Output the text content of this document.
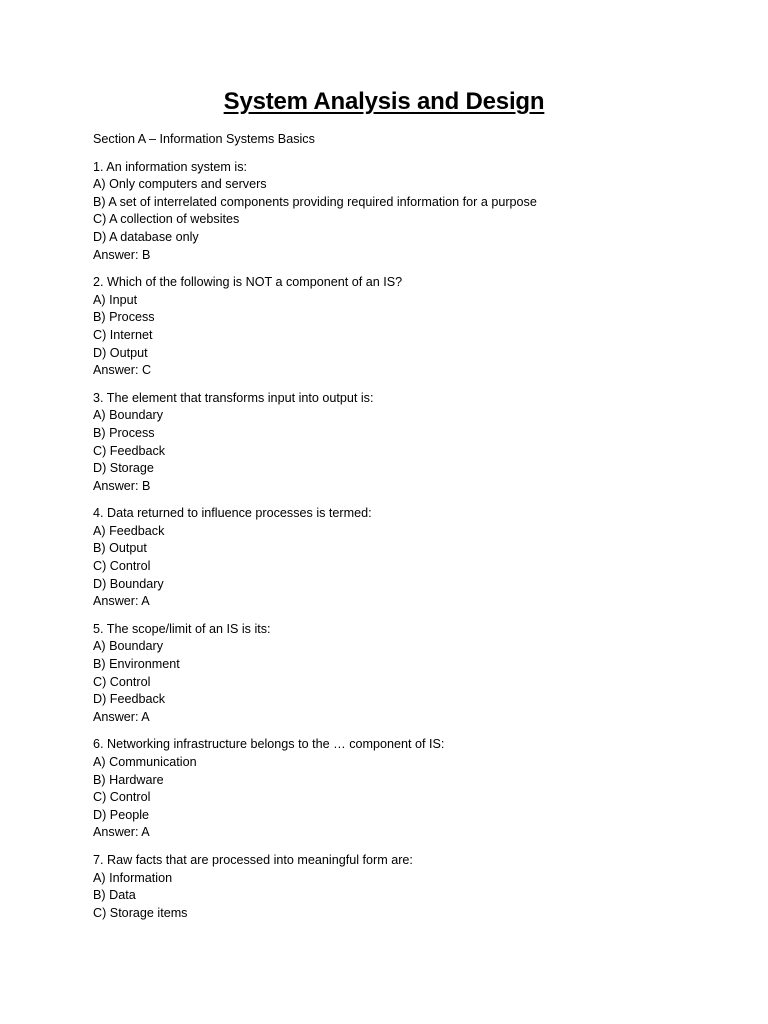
System Analysis and Design
Section A – Information Systems Basics
1. An information system is:
A) Only computers and servers
B) A set of interrelated components providing required information for a purpose
C) A collection of websites
D) A database only
Answer: B
2. Which of the following is NOT a component of an IS?
A) Input
B) Process
C) Internet
D) Output
Answer: C
3. The element that transforms input into output is:
A) Boundary
B) Process
C) Feedback
D) Storage
Answer: B
4. Data returned to influence processes is termed:
A) Feedback
B) Output
C) Control
D) Boundary
Answer: A
5. The scope/limit of an IS is its:
A) Boundary
B) Environment
C) Control
D) Feedback
Answer: A
6. Networking infrastructure belongs to the … component of IS:
A) Communication
B) Hardware
C) Control
D) People
Answer: A
7. Raw facts that are processed into meaningful form are:
A) Information
B) Data
C) Storage items
